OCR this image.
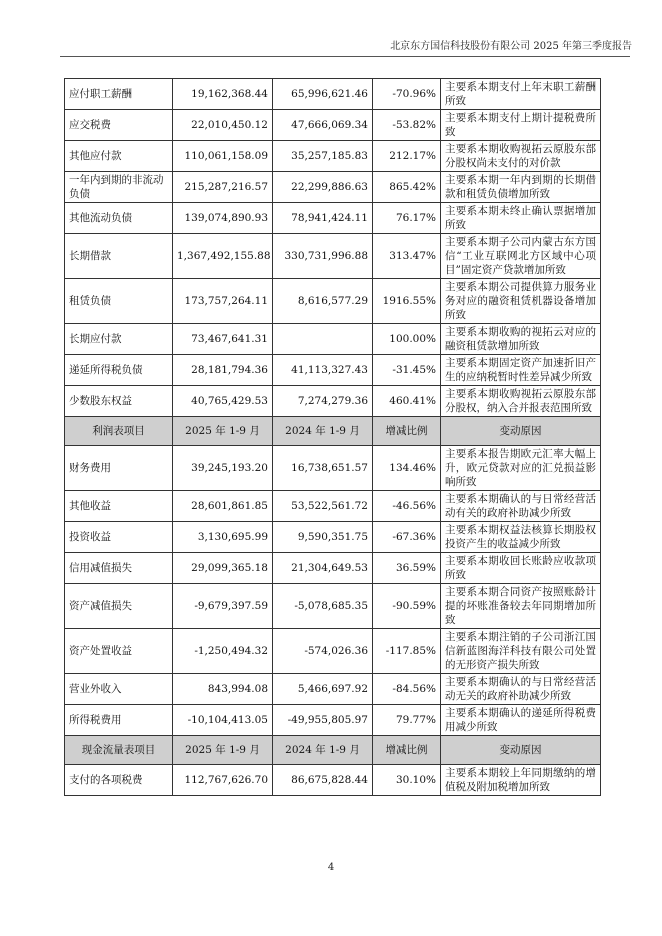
北京东方国信科技股份有限公司 2025 年第三季度报告
应付职工薪酬	19,162,368.44	65,996,621.46	-70.96%	主要系本期支付上年末职工薪酬所致
应交税费	22,010,450.12	47,666,069.34	-53.82%	主要系本期支付上期计提税费所致
其他应付款	110,061,158.09	35,257,185.83	212.17%	主要系本期收购视拓云原股东部分股权尚未支付的对价款
一年内到期的非流动负债	215,287,216.57	22,299,886.63	865.42%	主要系本期一年内到期的长期借款和租赁负债增加所致
其他流动负债	139,074,890.93	78,941,424.11	76.17%	主要系本期未终止确认票据增加所致
长期借款	1,367,492,155.88	330,731,996.88	313.47%	主要系本期子公司内蒙古东方国信“工业互联网北方区域中心项目”固定资产贷款增加所致
租赁负债	173,757,264.11	8,616,577.29	1916.55%	主要系本期公司提供算力服务业务对应的融资租赁机器设备增加所致
长期应付款	73,467,641.31		100.00%	主要系本期收购的视拓云对应的融资租赁款增加所致
递延所得税负债	28,181,794.36	41,113,327.43	-31.45%	主要系本期固定资产加速折旧产生的应纳税暂时性差异减少所致
少数股东权益	40,765,429.53	7,274,279.36	460.41%	主要系本期收购视拓云原股东部分股权，纳入合并报表范围所致
利润表项目	2025 年 1-9 月	2024 年 1-9 月	增减比例	变动原因
财务费用	39,245,193.20	16,738,651.57	134.46%	主要系本报告期欧元汇率大幅上升，欧元贷款对应的汇兑损益影响所致
其他收益	28,601,861.85	53,522,561.72	-46.56%	主要系本期确认的与日常经营活动有关的政府补助减少所致
投资收益	3,130,695.99	9,590,351.75	-67.36%	主要系本期权益法核算长期股权投资产生的收益减少所致
信用减值损失	29,099,365.18	21,304,649.53	36.59%	主要系本期收回长账龄应收款项所致
资产减值损失	-9,679,397.59	-5,078,685.35	-90.59%	主要系本期合同资产按照账龄计提的坏账准备较去年同期增加所致
资产处置收益	-1,250,494.32	-574,026.36	-117.85%	主要系本期注销的子公司浙江国信新蓝图海洋科技有限公司处置的无形资产损失所致
营业外收入	843,994.08	5,466,697.92	-84.56%	主要系本期确认的与日常经营活动无关的政府补助减少所致
所得税费用	-10,104,413.05	-49,955,805.97	79.77%	主要系本期确认的递延所得税费用减少所致
现金流量表项目	2025 年 1-9 月	2024 年 1-9 月	增减比例	变动原因
支付的各项税费	112,767,626.70	86,675,828.44	30.10%	主要系本期较上年同期缴纳的增值税及附加税增加所致
4
